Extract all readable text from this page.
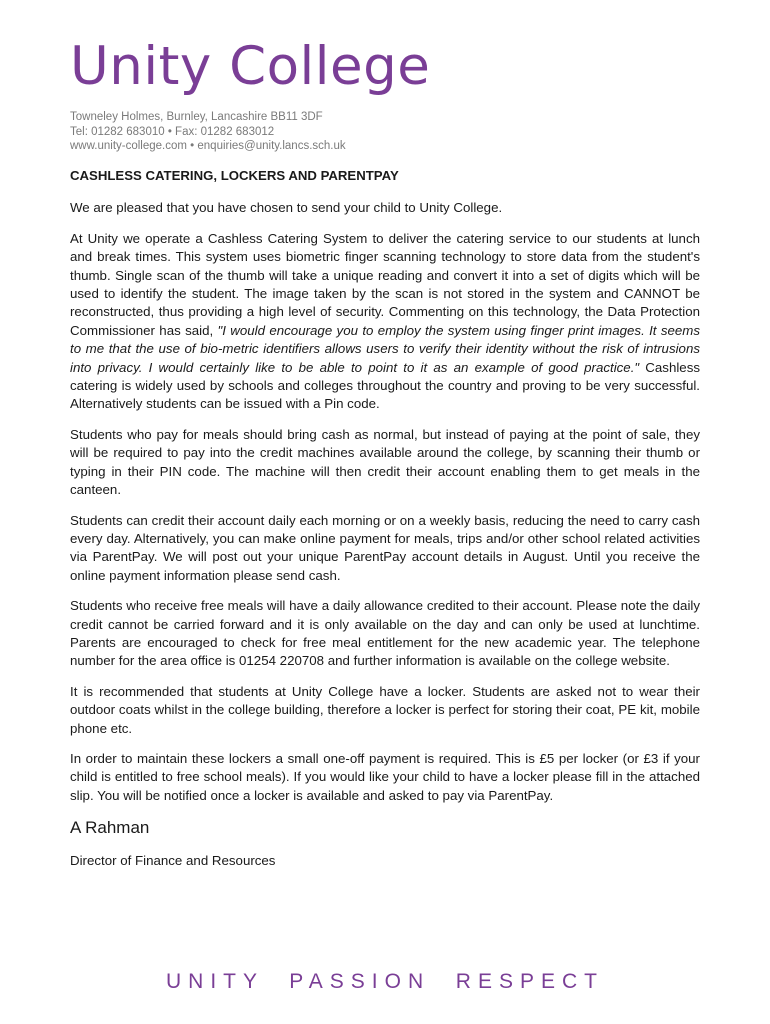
Unity College
Towneley Holmes, Burnley, Lancashire BB11 3DF
Tel: 01282 683010 • Fax: 01282 683012
www.unity-college.com • enquiries@unity.lancs.sch.uk
CASHLESS CATERING, LOCKERS AND PARENTPAY

We are pleased that you have chosen to send your child to Unity College.

At Unity we operate a Cashless Catering System to deliver the catering service to our students at lunch and break times. This system uses biometric finger scanning technology to store data from the student's thumb. Single scan of the thumb will take a unique reading and convert it into a set of digits which will be used to identify the student. The image taken by the scan is not stored in the system and CANNOT be reconstructed, thus providing a high level of security. Commenting on this technology, the Data Protection Commissioner has said, "I would encourage you to employ the system using finger print images. It seems to me that the use of bio-metric identifiers allows users to verify their identity without the risk of intrusions into privacy. I would certainly like to be able to point to it as an example of good practice." Cashless catering is widely used by schools and colleges throughout the country and proving to be very successful. Alternatively students can be issued with a Pin code.

Students who pay for meals should bring cash as normal, but instead of paying at the point of sale, they will be required to pay into the credit machines available around the college, by scanning their thumb or typing in their PIN code. The machine will then credit their account enabling them to get meals in the canteen.

Students can credit their account daily each morning or on a weekly basis, reducing the need to carry cash every day. Alternatively, you can make online payment for meals, trips and/or other school related activities via ParentPay. We will post out your unique ParentPay account details in August. Until you receive the online payment information please send cash.

Students who receive free meals will have a daily allowance credited to their account. Please note the daily credit cannot be carried forward and it is only available on the day and can only be used at lunchtime. Parents are encouraged to check for free meal entitlement for the new academic year. The telephone number for the area office is 01254 220708 and further information is available on the college website.

It is recommended that students at Unity College have a locker. Students are asked not to wear their outdoor coats whilst in the college building, therefore a locker is perfect for storing their coat, PE kit, mobile phone etc.

In order to maintain these lockers a small one-off payment is required. This is £5 per locker (or £3 if your child is entitled to free school meals). If you would like your child to have a locker please fill in the attached slip. You will be notified once a locker is available and asked to pay via ParentPay.

A Rahman
Director of Finance and Resources
UNITY  PASSION  RESPECT
